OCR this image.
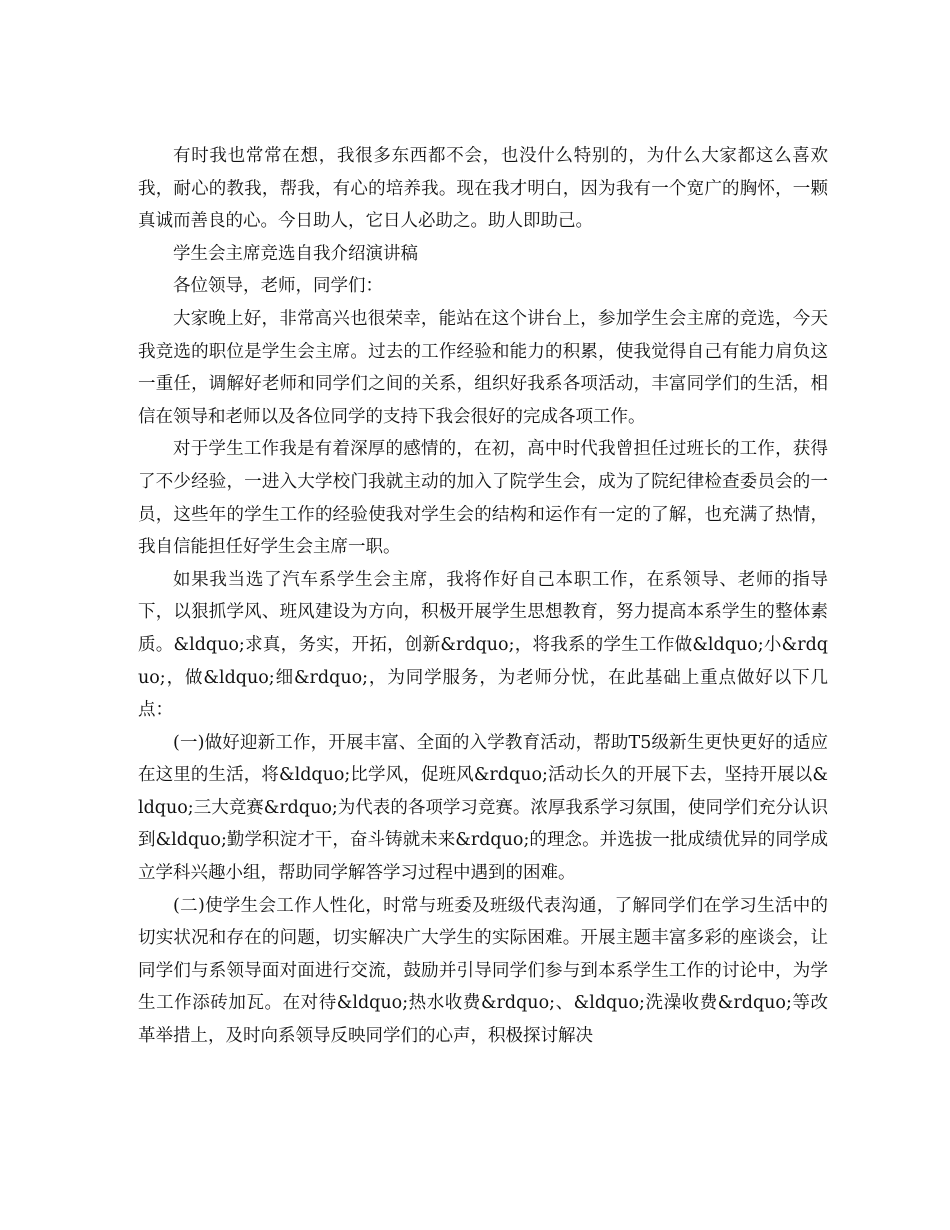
有时我也常常在想，我很多东西都不会，也没什么特别的，为什么大家都这么喜欢我，耐心的教我，帮我，有心的培养我。现在我才明白，因为我有一个宽广的胸怀，一颗真诚而善良的心。今日助人，它日人必助之。助人即助己。

学生会主席竞选自我介绍演讲稿

各位领导，老师，同学们：

大家晚上好，非常高兴也很荣幸，能站在这个讲台上，参加学生会主席的竞选，今天我竞选的职位是学生会主席。过去的工作经验和能力的积累，使我觉得自己有能力肩负这一重任，调解好老师和同学们之间的关系，组织好我系各项活动，丰富同学们的生活，相信在领导和老师以及各位同学的支持下我会很好的完成各项工作。

对于学生工作我是有着深厚的感情的，在初，高中时代我曾担任过班长的工作，获得了不少经验，一进入大学校门我就主动的加入了院学生会，成为了院纪律检查委员会的一员，这些年的学生工作的经验使我对学生会的结构和运作有一定的了解，也充满了热情，我自信能担任好学生会主席一职。

如果我当选了汽车系学生会主席，我将作好自己本职工作，在系领导、老师的指导下，以狠抓学风、班风建设为方向，积极开展学生思想教育，努力提高本系学生的整体素质。&ldquo;求真，务实，开拓，创新&rdquo;，将我系的学生工作做&ldquo;小&rdquo;，做&ldquo;细&rdquo;，为同学服务，为老师分忧，在此基础上重点做好以下几点：

(一)做好迎新工作，开展丰富、全面的入学教育活动，帮助T5级新生更快更好的适应在这里的生活，将&ldquo;比学风，促班风&rdquo;活动长久的开展下去，坚持开展以&ldquo;三大竞赛&rdquo;为代表的各项学习竞赛。浓厚我系学习氛围，使同学们充分认识到&ldquo;勤学积淀才干，奋斗铸就未来&rdquo;的理念。并选拔一批成绩优异的同学成立学科兴趣小组，帮助同学解答学习过程中遇到的困难。

(二)使学生会工作人性化，时常与班委及班级代表沟通，了解同学们在学习生活中的切实状况和存在的问题，切实解决广大学生的实际困难。开展主题丰富多彩的座谈会，让同学们与系领导面对面进行交流，鼓励并引导同学们参与到本系学生工作的讨论中，为学生工作添砖加瓦。在对待&ldquo;热水收费&rdquo;、&ldquo;洗澡收费&rdquo;等改革举措上，及时向系领导反映同学们的心声，积极探讨解决
